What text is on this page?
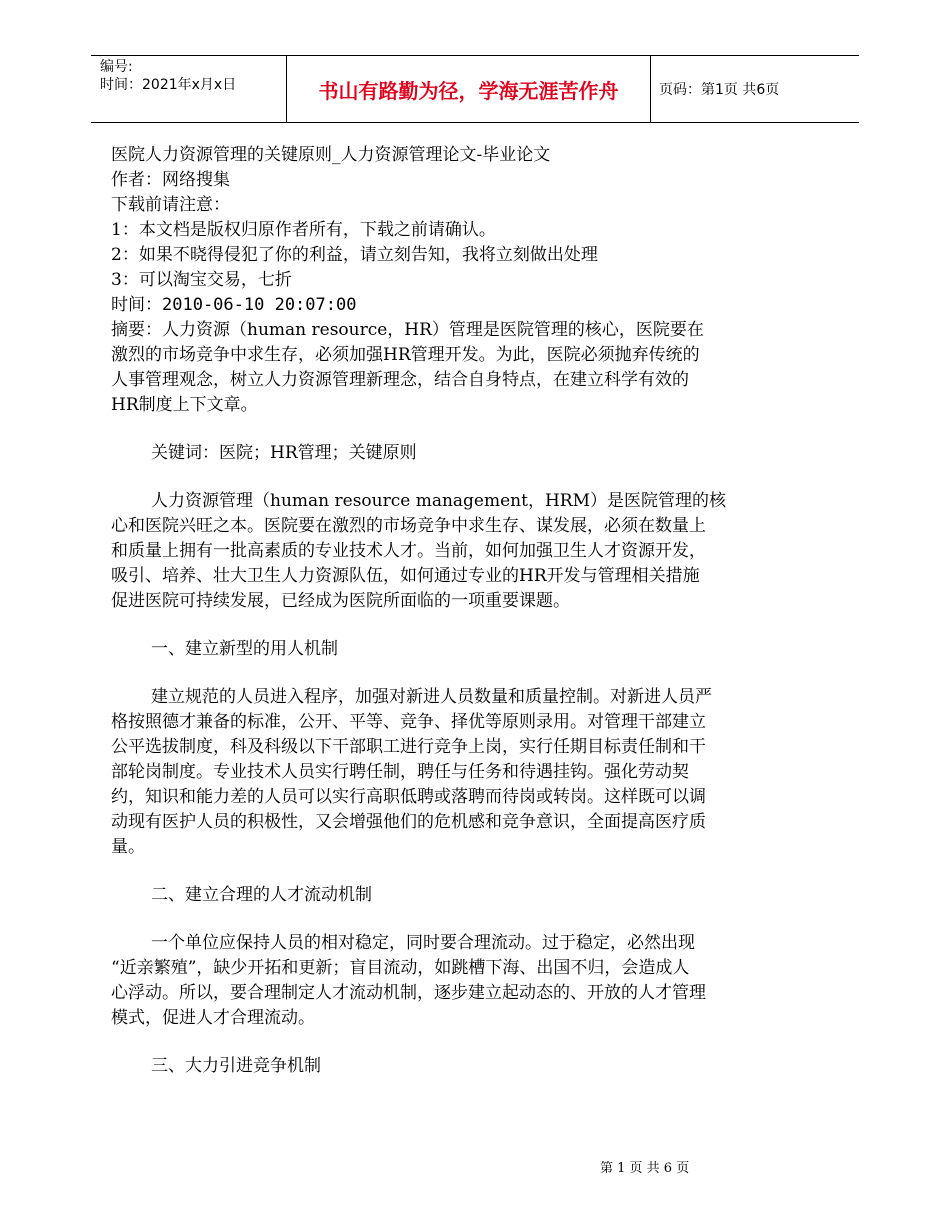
编号:
时间：2021年x月x日	书山有路勤为径，学海无涯苦作舟	页码：第1页 共6页
医院人力资源管理的关键原则_人力资源管理论文-毕业论文
作者：网络搜集
下载前请注意：
1：本文档是版权归原作者所有，下载之前请确认。
2：如果不晓得侵犯了你的利益，请立刻告知，我将立刻做出处理
3：可以淘宝交易，七折
时间：2010-06-10 20:07:00
摘要：人力资源（human resource，HR）管理是医院管理的核心，医院要在
激烈的市场竞争中求生存，必须加强HR管理开发。为此，医院必须抛弃传统的
人事管理观念，树立人力资源管理新理念，结合自身特点，在建立科学有效的
HR制度上下文章。
关键词：医院；HR管理；关键原则
人力资源管理（human resource management，HRM）是医院管理的核
心和医院兴旺之本。医院要在激烈的市场竞争中求生存、谋发展，必须在数量上
和质量上拥有一批高素质的专业技术人才。当前，如何加强卫生人才资源开发，
吸引、培养、壮大卫生人力资源队伍，如何通过专业的HR开发与管理相关措施
促进医院可持续发展，已经成为医院所面临的一项重要课题。
一、建立新型的用人机制
建立规范的人员进入程序，加强对新进人员数量和质量控制。对新进人员严
格按照德才兼备的标准，公开、平等、竞争、择优等原则录用。对管理干部建立
公平选拔制度，科及科级以下干部职工进行竞争上岗，实行任期目标责任制和干
部轮岗制度。专业技术人员实行聘任制，聘任与任务和待遇挂钩。强化劳动契
约，知识和能力差的人员可以实行高职低聘或落聘而待岗或转岗。这样既可以调
动现有医护人员的积极性，又会增强他们的危机感和竞争意识，全面提高医疗质
量。
二、建立合理的人才流动机制
一个单位应保持人员的相对稳定，同时要合理流动。过于稳定，必然出现
“近亲繁殖”，缺少开拓和更新；盲目流动，如跳槽下海、出国不归，会造成人
心浮动。所以，要合理制定人才流动机制，逐步建立起动态的、开放的人才管理
模式，促进人才合理流动。
三、大力引进竞争机制
第 1 页 共 6 页
